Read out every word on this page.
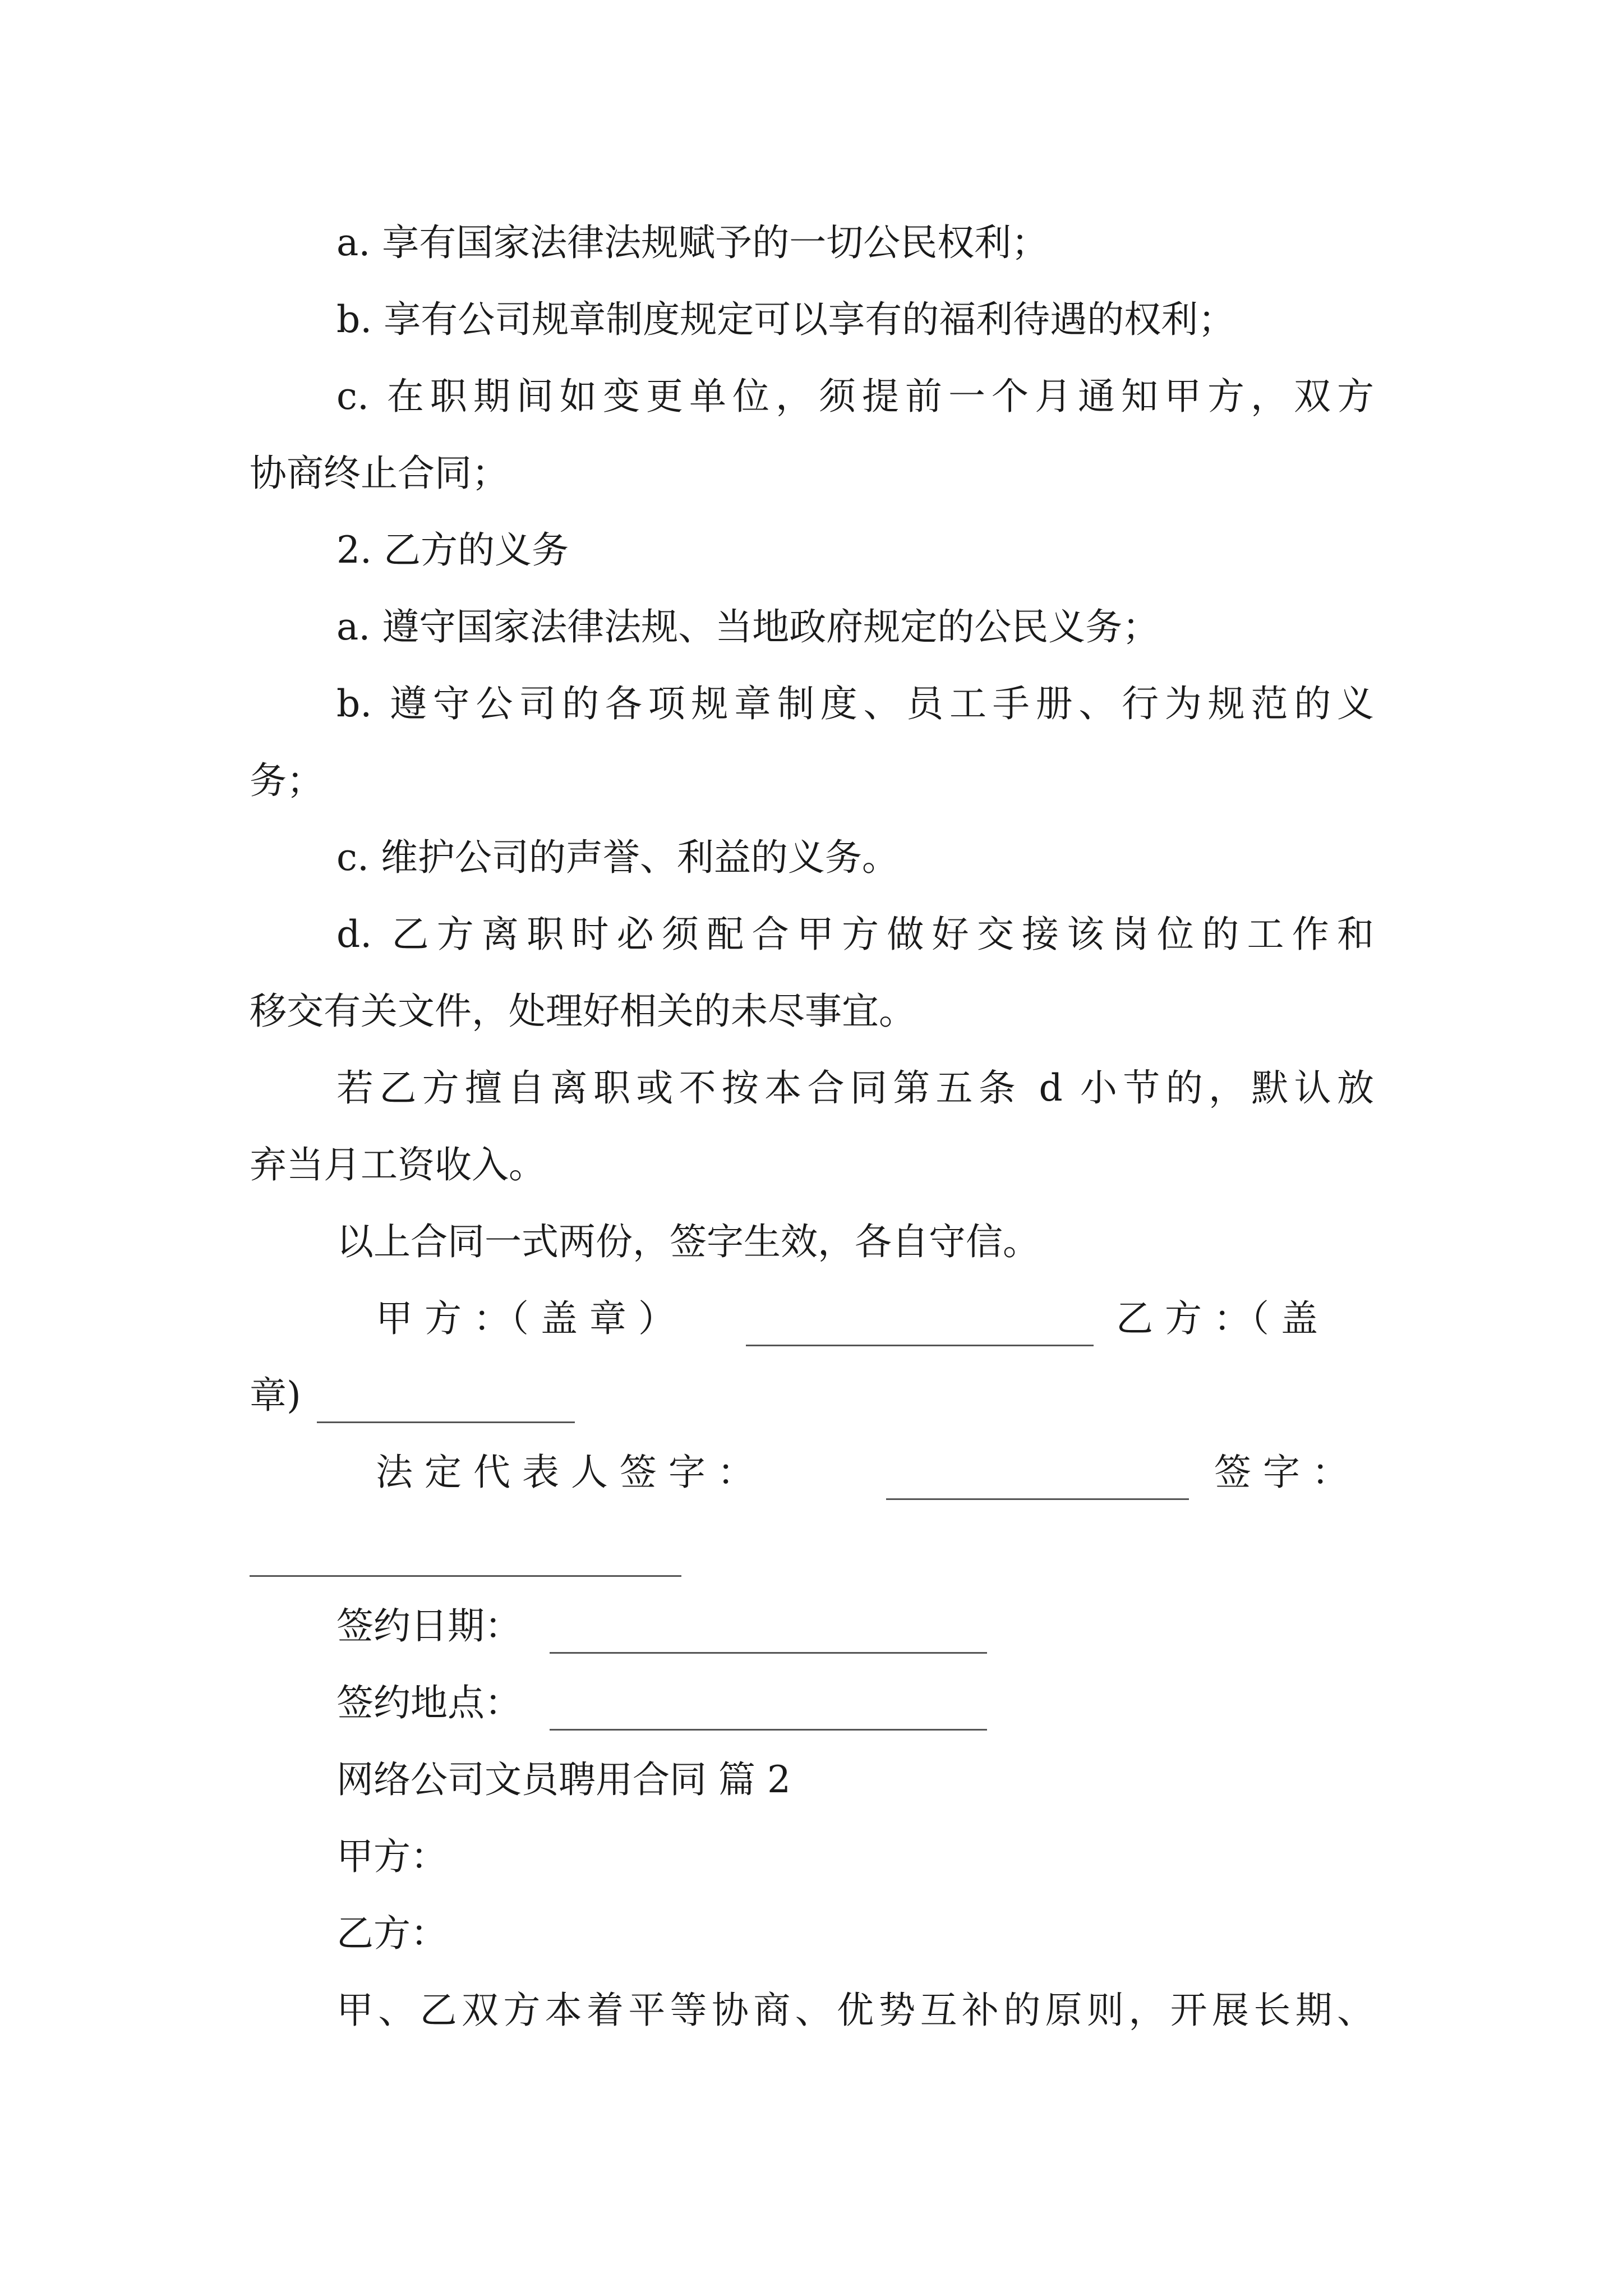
a. 享有国家法律法规赋予的一切公民权利；
b. 享有公司规章制度规定可以享有的福利待遇的权利；
c. 在职期间如变更单位，须提前一个月通知甲方，双方
协商终止合同；
2. 乙方的义务
a. 遵守国家法律法规、当地政府规定的公民义务；
b. 遵守公司的各项规章制度、员工手册、行为规范的义
务；
c. 维护公司的声誉、利益的义务。
d. 乙方离职时必须配合甲方做好交接该岗位的工作和
移交有关文件，处理好相关的未尽事宜。
若乙方擅自离职或不按本合同第五条 d 小节的，默认放
弃当月工资收入。
以上合同一式两份，签字生效，各自守信。
甲 方 ：（ 盖 章 ）	乙 方 ：（ 盖
章)
法 定 代 表 人 签 字 ：	签 字 ：
签约日期：
签约地点：
网络公司文员聘用合同 篇 2
甲方：
乙方：
甲、乙双方本着平等协商、优势互补的原则，开展长期、
